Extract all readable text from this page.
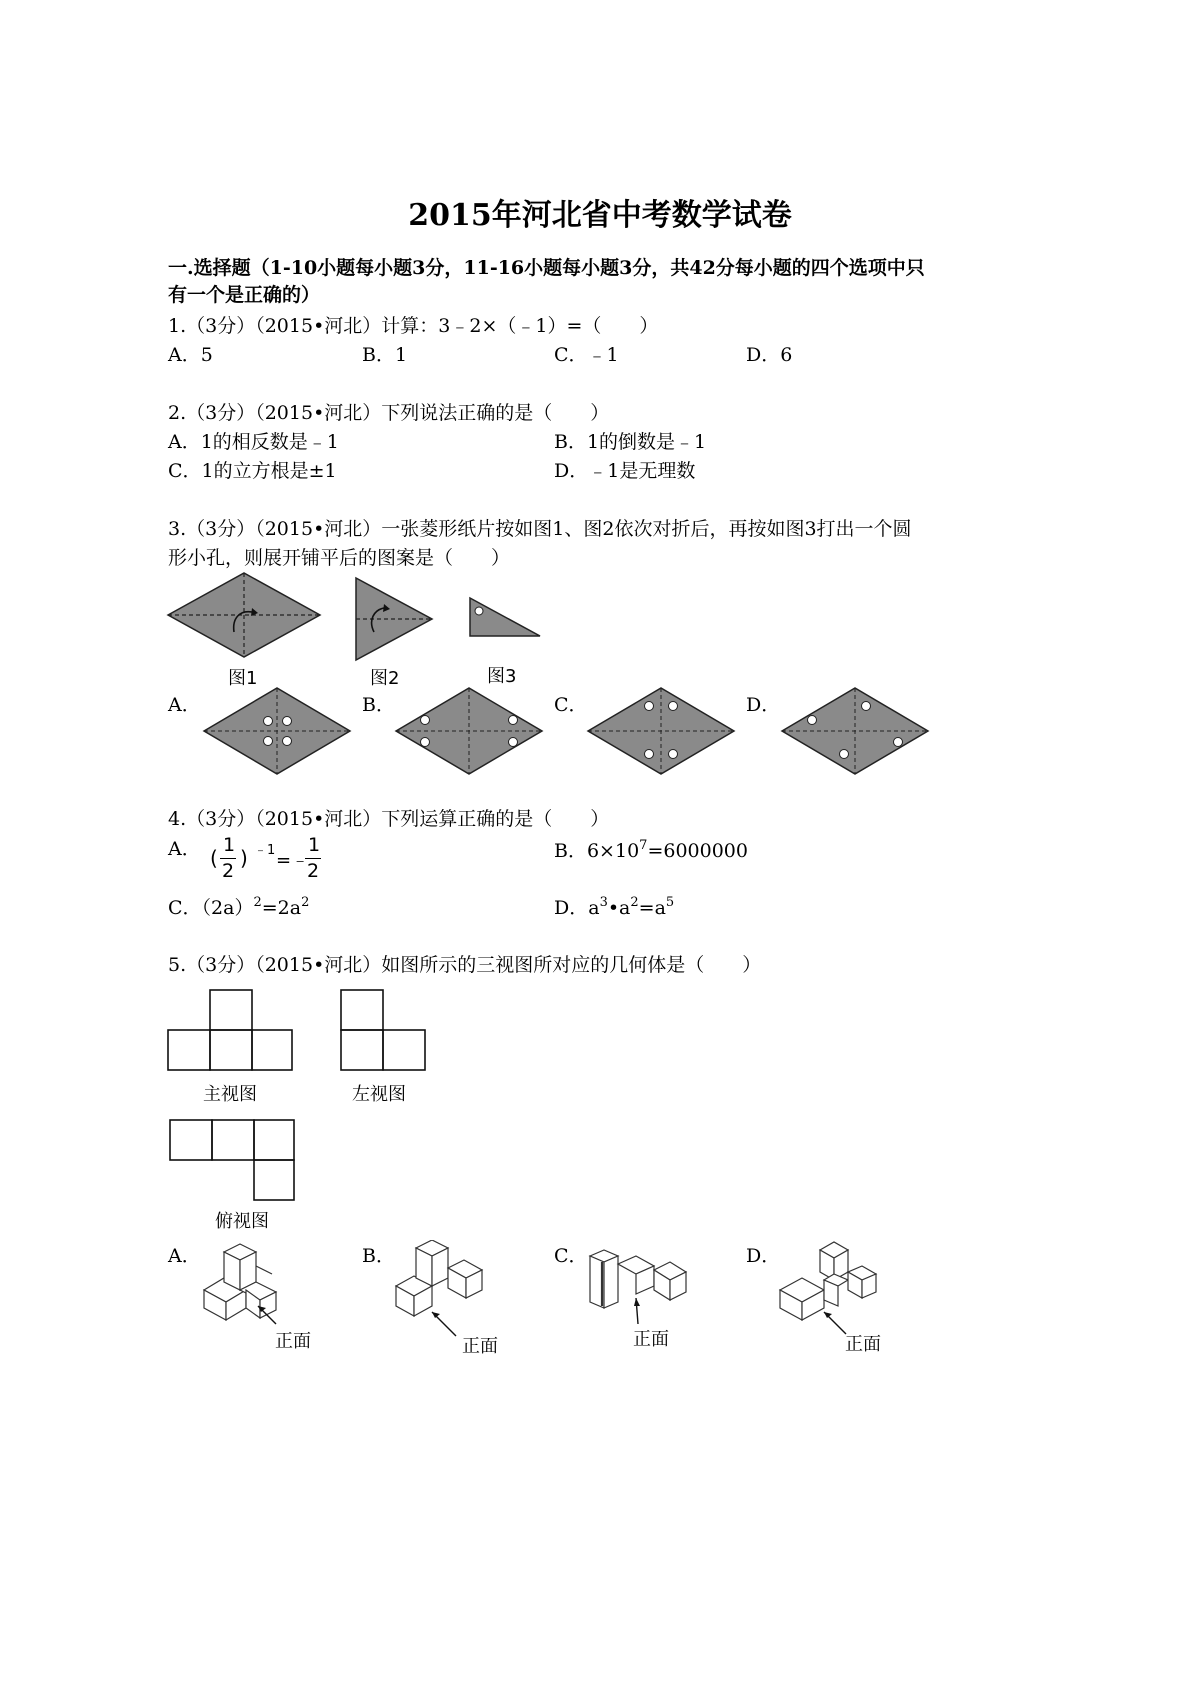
2015年河北省中考数学试卷
一.选择题（1-10小题每小题3分，11-16小题每小题3分，共42分每小题的四个选项中只
有一个是正确的）
1.（3分）（2015•河北）计算：3﹣2×（﹣1）=（　　）
A．5	B．1	C．﹣1	D．6
2.（3分）（2015•河北）下列说法正确的是（　　）
A．1的相反数是﹣1	B．1的倒数是﹣1
C．1的立方根是±1	D．﹣1是无理数
3.（3分）（2015•河北）一张菱形纸片按如图1、图2依次对折后，再按如图3打出一个圆
形小孔，则展开铺平后的图案是（　　）
图1	图2	图3
A．	B．	C．	D．
4.（3分）（2015•河北）下列运算正确的是（　　）
A． (
1
2
) ﹣1 =﹣
1
2
B．$6\times 10^7=6000000$
C．$(2a)^2=2a^2$	D．$a^3•a^2=a^5$
5.（3分）（2015•河北）如图所示的三视图所对应的几何体是（　　）
主视图	左视图
俯视图
A．
正面
B．
正面
C．
正面
D．
正面
